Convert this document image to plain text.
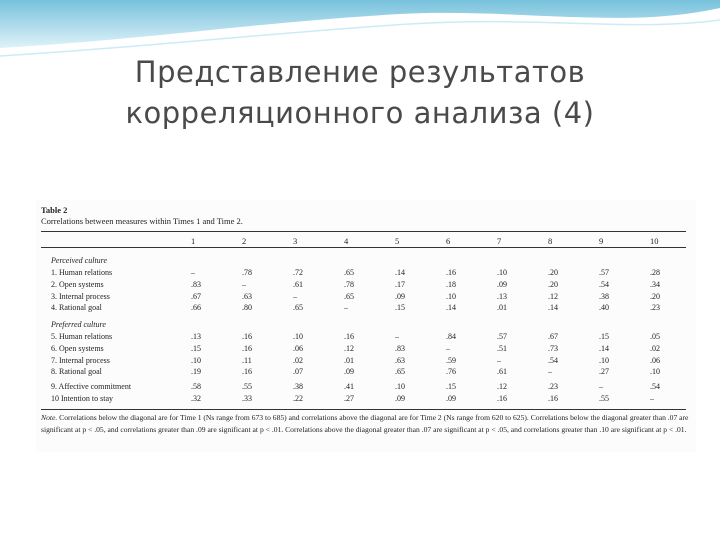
Представление результатов
корреляционного анализа (4)
Table 2
Correlations between measures within Times 1 and Time 2.
1	2	3	4	5	6	7	8	9	10
Perceived culture
1. Human relations	–	.78	.72	.65	.14	.16	.10	.20	.57	.28
2. Open systems	.83	–	.61	.78	.17	.18	.09	.20	.54	.34
3. Internal process	.67	.63	–	.65	.09	.10	.13	.12	.38	.20
4. Rational goal	.66	.80	.65	–	.15	.14	.01	.14	.40	.23
Preferred culture
5. Human relations	.13	.16	.10	.16	–	.84	.57	.67	.15	.05
6. Open systems	.15	.16	.06	.12	.83	–	.51	.73	.14	.02
7. Internal process	.10	.11	.02	.01	.63	.59	–	.54	.10	.06
8. Rational goal	.19	.16	.07	.09	.65	.76	.61	–	.27	.10
9. Affective commitment	.58	.55	.38	.41	.10	.15	.12	.23	–	.54
10 Intention to stay	.32	.33	.22	.27	.09	.09	.16	.16	.55	–
Note. Correlations below the diagonal are for Time 1 (Ns range from 673 to 685) and correlations above the diagonal are for Time 2 (Ns range from 620 to 625). Correlations below the diagonal greater than .07 are significant at p < .05, and correlations greater than .09 are significant at p < .01. Correlations above the diagonal greater than .07 are significant at p < .05, and correlations greater than .10 are significant at p < .01.
